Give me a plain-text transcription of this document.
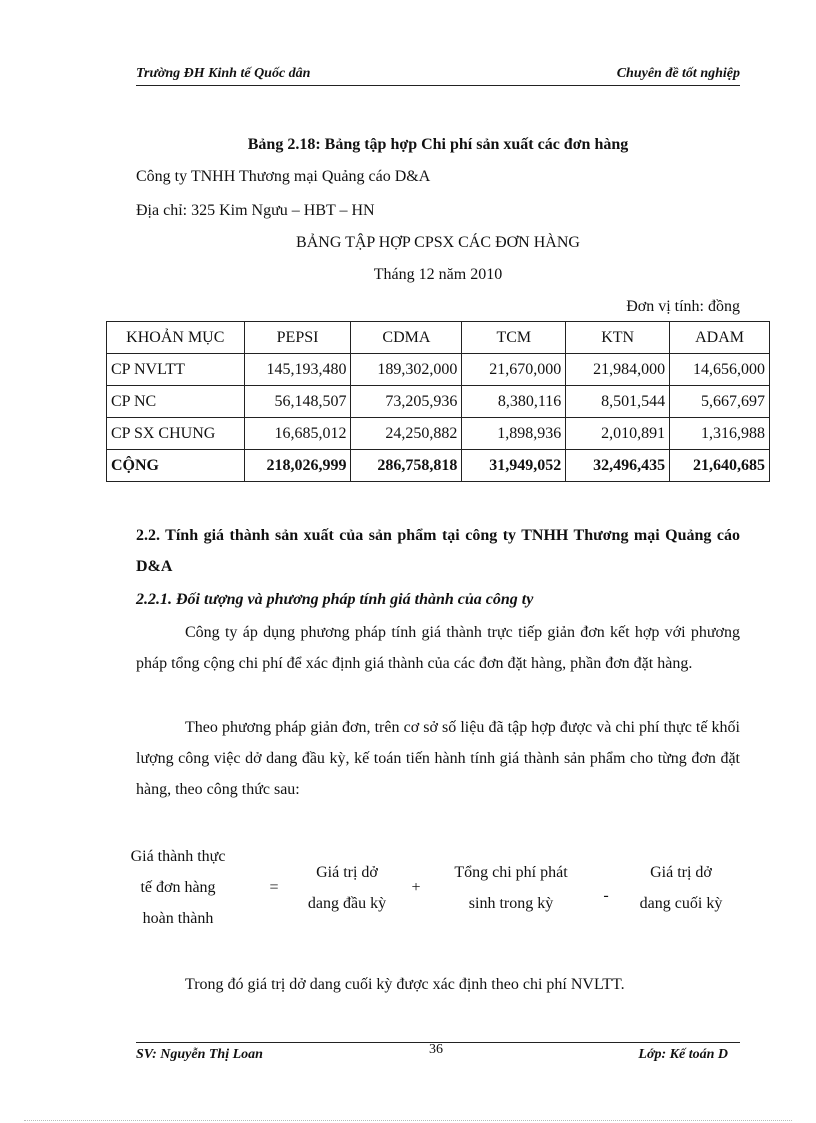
Trường ĐH Kinh tế Quốc dân	Chuyên đề tốt nghiệp
Bảng 2.18: Bảng tập hợp Chi phí sản xuất các đơn hàng
Công ty TNHH Thương mại Quảng cáo D&A
Địa chỉ: 325 Kim Ngưu – HBT – HN
BẢNG TẬP HỢP CPSX CÁC ĐƠN HÀNG
Tháng 12 năm 2010
Đơn vị tính: đồng
KHOẢN MỤC	PEPSI	CDMA	TCM	KTN	ADAM
CP NVLTT	145,193,480	189,302,000	21,670,000	21,984,000	14,656,000
CP NC	56,148,507	73,205,936	8,380,116	8,501,544	5,667,697
CP SX CHUNG	16,685,012	24,250,882	1,898,936	2,010,891	1,316,988
CỘNG	218,026,999	286,758,818	31,949,052	32,496,435	21,640,685
2.2. Tính giá thành sản xuất của sản phẩm tại công ty TNHH Thương mại Quảng cáo D&A
2.2.1. Đối tượng và phương pháp tính giá thành của công ty
Công ty áp dụng phương pháp tính giá thành trực tiếp giản đơn kết hợp với phương pháp tổng cộng chi phí để xác định giá thành của các đơn đặt hàng, phần đơn đặt hàng.
Theo phương pháp giản đơn, trên cơ sở số liệu đã tập hợp được và chi phí thực tế khối lượng công việc dở dang đầu kỳ, kế toán tiến hành tính giá thành sản phẩm cho từng đơn đặt hàng, theo công thức sau:
Giá thành thực
tế đơn hàng
hoàn thành
=
Giá trị dở
dang đầu kỳ
+
Tổng chi phí phát
sinh trong kỳ	-
Giá trị dở
dang cuối kỳ
Trong đó giá trị dở dang cuối kỳ được xác định theo chi phí NVLTT.
SV: Nguyễn Thị Loan	36	Lớp: Kế toán D
